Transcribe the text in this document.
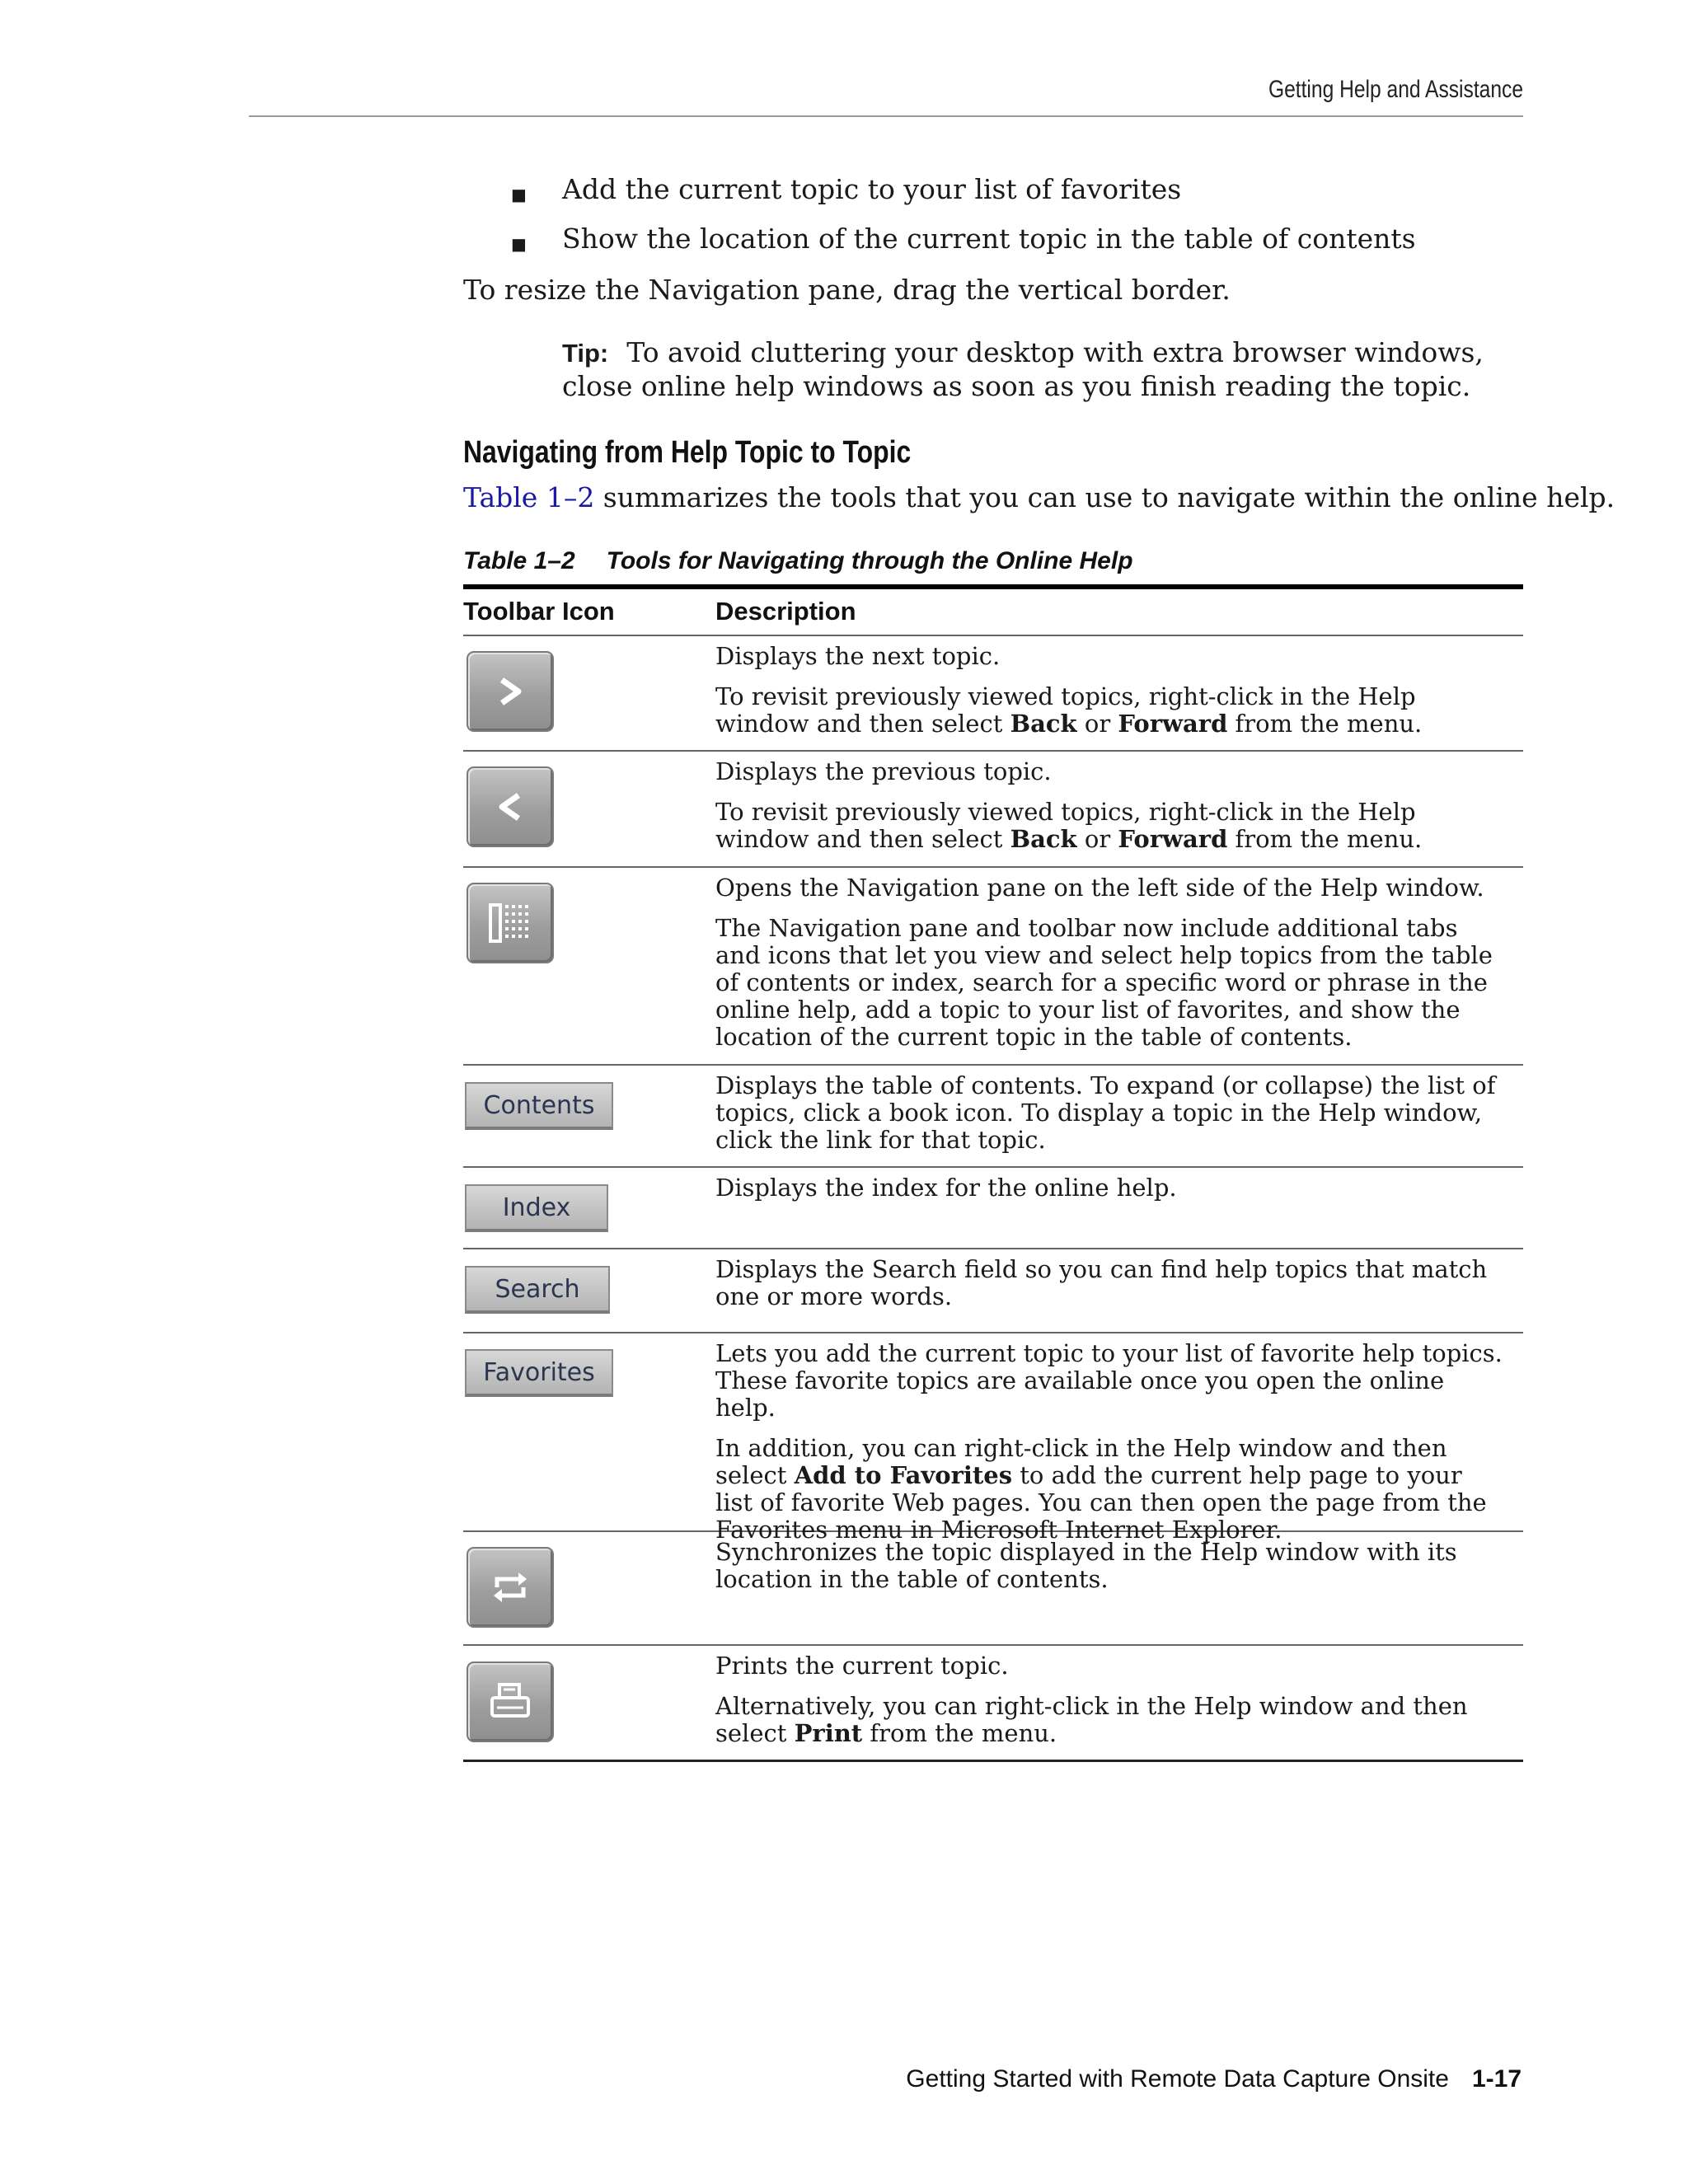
Getting Help and Assistance
■ Add the current topic to your list of favorites
■ Show the location of the current topic in the table of contents
To resize the Navigation pane, drag the vertical border.
Tip: To avoid cluttering your desktop with extra browser windows,
close online help windows as soon as you finish reading the topic.
Navigating from Help Topic to Topic
Table 1–2 summarizes the tools that you can use to navigate within the online help.
Table 1–2 Tools for Navigating through the Online Help
Toolbar Icon	Description

Displays the next topic.

To revisit previously viewed topics, right-click in the Help window and then select Back or Forward from the menu.

Displays the previous topic.

To revisit previously viewed topics, right-click in the Help window and then select Back or Forward from the menu.

Opens the Navigation pane on the left side of the Help window.

The Navigation pane and toolbar now include additional tabs and icons that let you view and select help topics from the table of contents or index, search for a specific word or phrase in the online help, add a topic to your list of favorites, and show the location of the current topic in the table of contents.

Contents

Displays the table of contents. To expand (or collapse) the list of topics, click a book icon. To display a topic in the Help window, click the link for that topic.

Index

Displays the index for the online help.

Search

Displays the Search field so you can find help topics that match one or more words.

Favorites

Lets you add the current topic to your list of favorite help topics. These favorite topics are available once you open the online help.

In addition, you can right-click in the Help window and then select Add to Favorites to add the current help page to your list of favorite Web pages. You can then open the page from the Favorites menu in Microsoft Internet Explorer.

Synchronizes the topic displayed in the Help window with its location in the table of contents.

Prints the current topic.

Alternatively, you can right-click in the Help window and then select Print from the menu.

Getting Started with Remote Data Capture Onsite 1-17
